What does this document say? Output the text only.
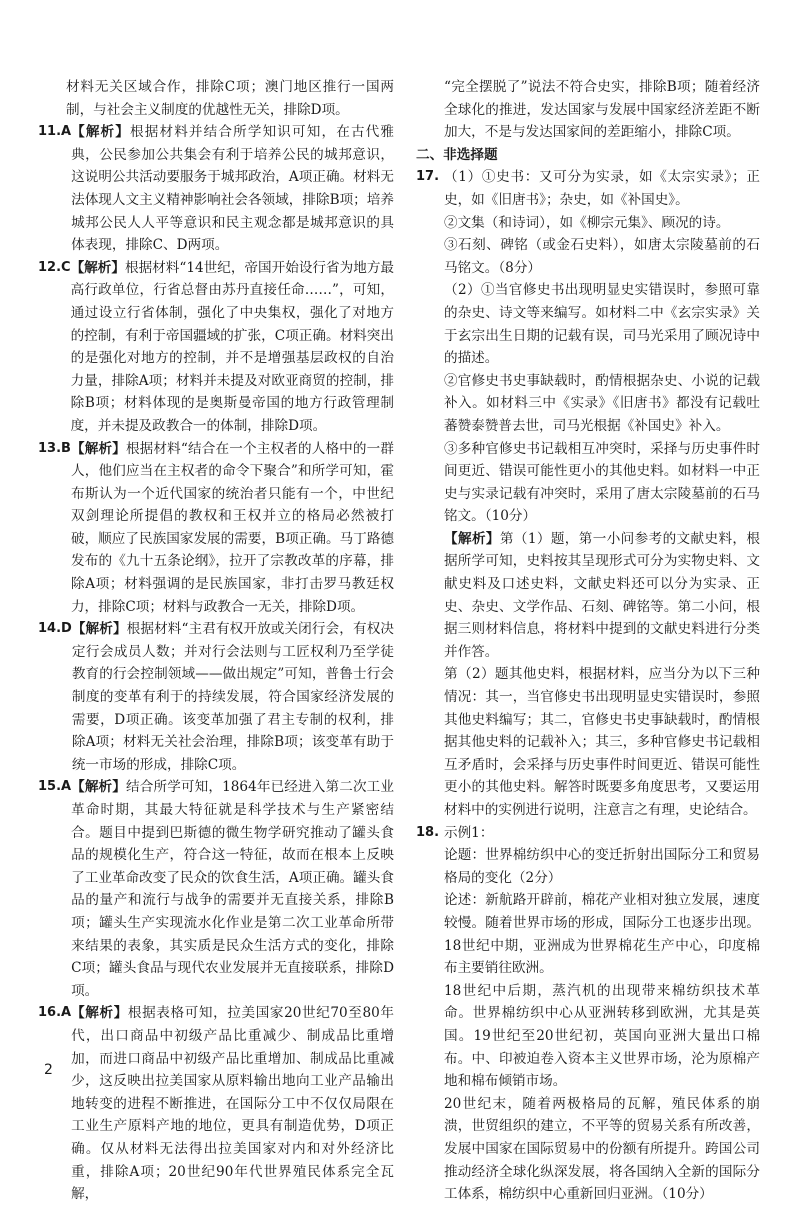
材料无关区域合作，排除C项；澳门地区推行一国两制，与社会主义制度的优越性无关，排除D项。

11.A 【解析】根据材料并结合所学知识可知，在古代雅典，公民参加公共集会有利于培养公民的城邦意识，这说明公共活动要服务于城邦政治，A项正确。材料无法体现人文主义精神影响社会各领域，排除B项；培养城邦公民人人平等意识和民主观念都是城邦意识的具体表现，排除C、D两项。

12.C 【解析】根据材料“14世纪，帝国开始设行省为地方最高行政单位，行省总督由苏丹直接任命……”，可知，通过设立行省体制，强化了中央集权，强化了对地方的控制，有利于帝国疆域的扩张，C项正确。材料突出的是强化对地方的控制，并不是增强基层政权的自治力量，排除A项；材料并未提及对欧亚商贸的控制，排除B项；材料体现的是奥斯曼帝国的地方行政管理制度，并未提及政教合一的体制，排除D项。

13.B 【解析】根据材料“结合在一个主权者的人格中的一群人，他们应当在主权者的命令下聚合”和所学可知，霍布斯认为一个近代国家的统治者只能有一个，中世纪双剑理论所提倡的教权和王权并立的格局必然被打破，顺应了民族国家发展的需要，B项正确。马丁路德发布的《九十五条论纲》，拉开了宗教改革的序幕，排除A项；材料强调的是民族国家，非打击罗马教廷权力，排除C项；材料与政教合一无关，排除D项。

14.D 【解析】根据材料“主君有权开放或关闭行会，有权决定行会成员人数；并对行会法则与工匠权利乃至学徒教育的行会控制领域——做出规定”可知，普鲁士行会制度的变革有利于的持续发展，符合国家经济发展的需要，D项正确。该变革加强了君主专制的权利，排除A项；材料无关社会治理，排除B项；该变革有助于统一市场的形成，排除C项。

15.A 【解析】结合所学可知，1864年已经进入第二次工业革命时期，其最大特征就是科学技术与生产紧密结合。题目中提到巴斯德的微生物学研究推动了罐头食品的规模化生产，符合这一特征，故而在根本上反映了工业革命改变了民众的饮食生活，A项正确。罐头食品的量产和流行与战争的需要并无直接关系，排除B项；罐头生产实现流水化作业是第二次工业革命所带来结果的表象，其实质是民众生活方式的变化，排除C项；罐头食品与现代农业发展并无直接联系，排除D项。

16.A 【解析】根据表格可知，拉美国家20世纪70至80年代，出口商品中初级产品比重减少、制成品比重增加，而进口商品中初级产品比重增加、制成品比重减少，这反映出拉美国家从原料输出地向工业产品输出地转变的进程不断推进，在国际分工中不仅仅局限在工业生产原料产地的地位，更具有制造优势，D项正确。仅从材料无法得出拉美国家对内和对外经济比重，排除A项；20世纪90年代世界殖民体系完全瓦解，

“完全摆脱了”说法不符合史实，排除B项；随着经济全球化的推进，发达国家与发展中国家经济差距不断加大，不是与发达国家间的差距缩小，排除C项。

二、非选择题

17. （1）①史书：又可分为实录，如《太宗实录》；正史，如《旧唐书》；杂史，如《补国史》。

②文集（和诗词），如《柳宗元集》、顾况的诗。

③石刻、碑铭（或金石史料），如唐太宗陵墓前的石马铭文。（8分）

（2）①当官修史书出现明显史实错误时，参照可靠的杂史、诗文等来编写。如材料二中《玄宗实录》关于玄宗出生日期的记载有误，司马光采用了顾况诗中的描述。

②官修史书史事缺载时，酌情根据杂史、小说的记载补入。如材料三中《实录》《旧唐书》都没有记载吐蕃赞泰赞普去世，司马光根据《补国史》补入。

③多种官修史书记载相互冲突时，采择与历史事件时间更近、错误可能性更小的其他史料。如材料一中正史与实录记载有冲突时，采用了唐太宗陵墓前的石马铭文。（10分）

【解析】第（1）题，第一小问参考的文献史料，根据所学可知，史料按其呈现形式可分为实物史料、文献史料及口述史料，文献史料还可以分为实录、正史、杂史、文学作品、石刻、碑铭等。第二小问，根据三则材料信息，将材料中提到的文献史料进行分类并作答。

第（2）题其他史料，根据材料，应当分为以下三种情况：其一，当官修史书出现明显史实错误时，参照其他史料编写；其二，官修史书史事缺载时，酌情根据其他史料的记载补入；其三，多种官修史书记载相互矛盾时，会采择与历史事件时间更近、错误可能性更小的其他史料。解答时既要多角度思考，又要运用材料中的实例进行说明，注意言之有理，史论结合。

18. 示例1：

论题：世界棉纺织中心的变迁折射出国际分工和贸易格局的变化（2分）

论述：新航路开辟前，棉花产业相对独立发展，速度较慢。随着世界市场的形成，国际分工也逐步出现。18世纪中期，亚洲成为世界棉花生产中心，印度棉布主要销往欧洲。

18世纪中后期，蒸汽机的出现带来棉纺织技术革命。世界棉纺织中心从亚洲转移到欧洲，尤其是英国。19世纪至20世纪初，英国向亚洲大量出口棉布。中、印被迫卷入资本主义世界市场，沦为原棉产地和棉布倾销市场。

20世纪末，随着两极格局的瓦解，殖民体系的崩溃，世贸组织的建立，不平等的贸易关系有所改善，发展中国家在国际贸易中的份额有所提升。跨国公司推动经济全球化纵深发展，将各国纳入全新的国际分工体系，棉纺织中心重新回归亚洲。（10分）

2
